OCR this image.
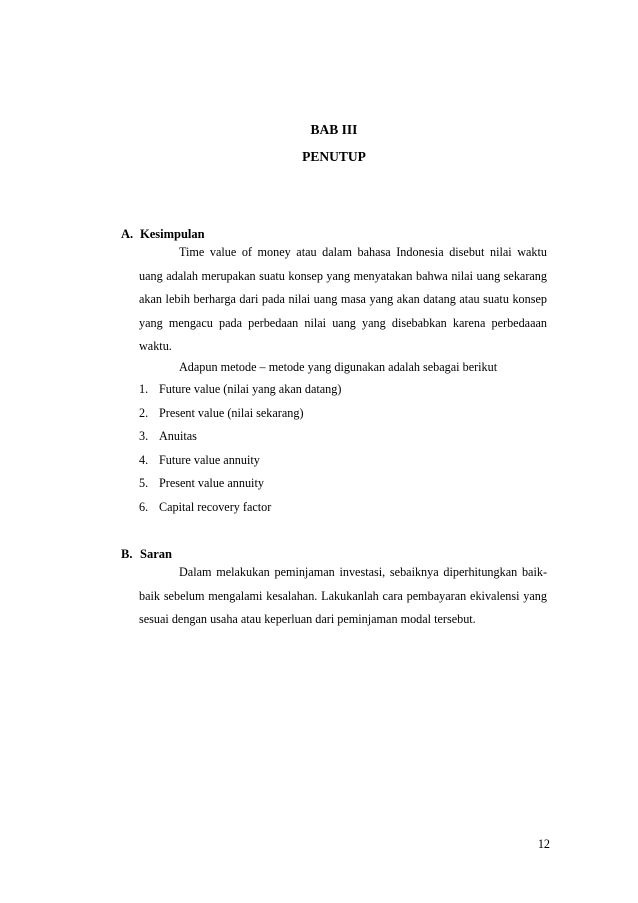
BAB III
PENUTUP
A. Kesimpulan

Time value of money atau dalam bahasa Indonesia disebut nilai waktu uang adalah merupakan suatu konsep yang menyatakan bahwa nilai uang sekarang akan lebih berharga dari pada nilai uang masa yang akan datang atau suatu konsep yang mengacu pada perbedaan nilai uang yang disebabkan karena perbedaaan waktu.

Adapun metode – metode yang digunakan adalah sebagai berikut

1. Future value (nilai yang akan datang)
2. Present value (nilai sekarang)
3. Anuitas
4. Future value annuity
5. Present value annuity
6. Capital recovery factor
B. Saran

Dalam melakukan peminjaman investasi, sebaiknya diperhitungkan baik-baik sebelum mengalami kesalahan. Lakukanlah cara pembayaran ekivalensi yang sesuai dengan usaha atau keperluan dari peminjaman modal tersebut.

12
